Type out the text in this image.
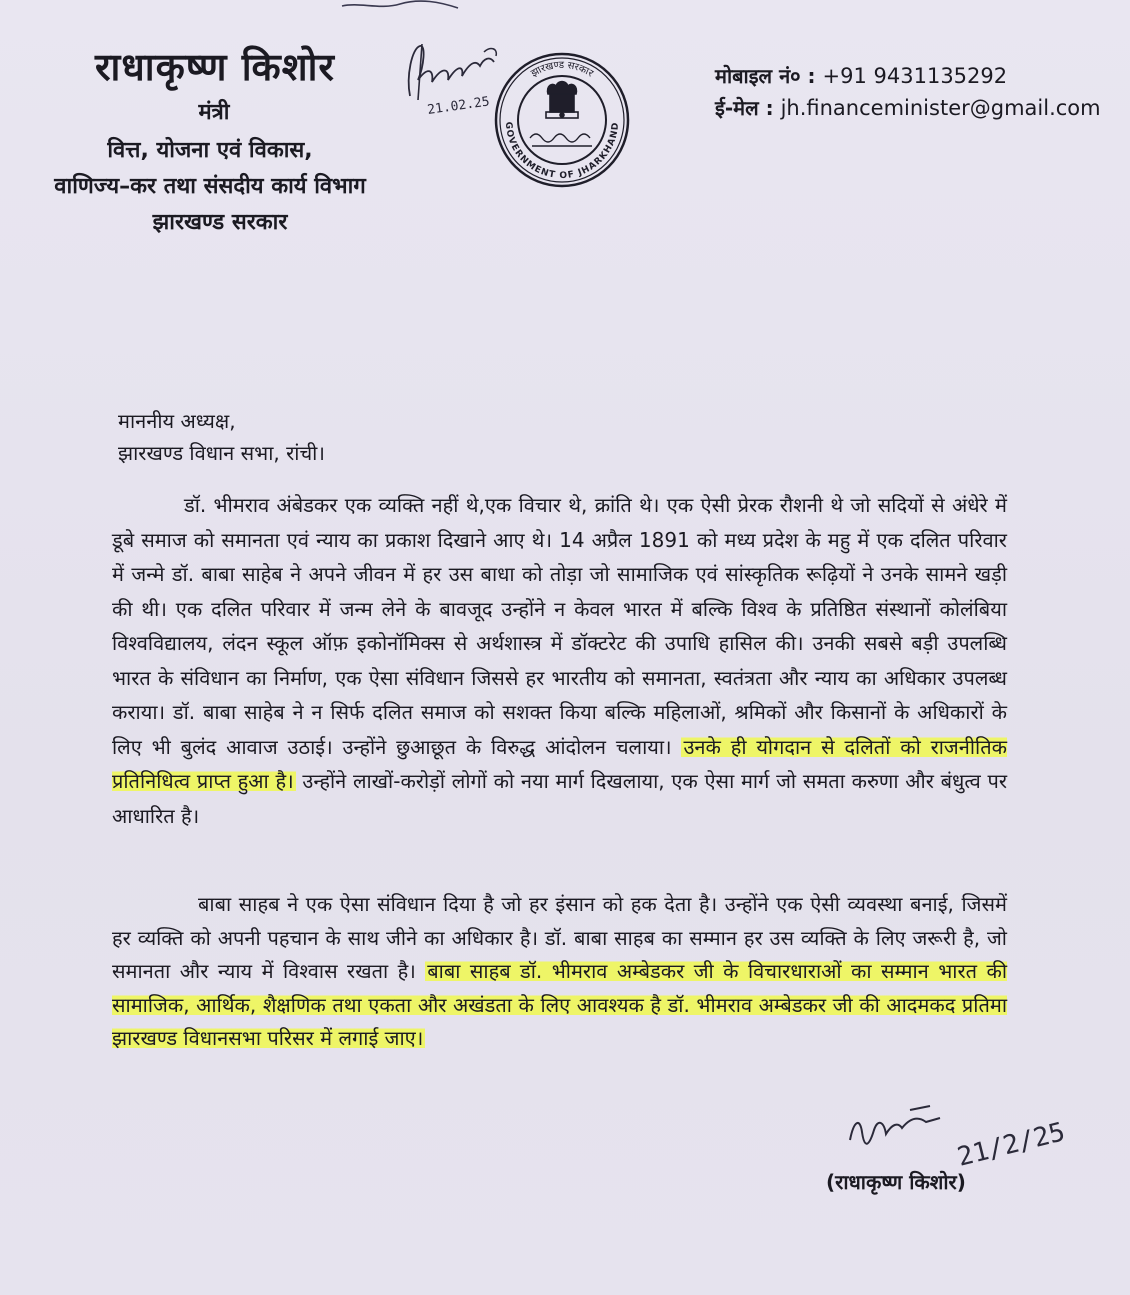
राधाकृष्ण किशोर
मंत्री
वित्त, योजना एवं विकास,
वाणिज्य–कर तथा संसदीय कार्य विभाग
झारखण्ड सरकार
21.02.25
झारखण्ड सरकार
GOVERNMENT OF JHARKHAND
मोबाइल नं० : +91 9431135292
ई-मेल : jh.financeminister@gmail.com
माननीय अध्यक्ष,
झारखण्ड विधान सभा, रांची।
डॉ. भीमराव अंबेडकर एक व्यक्ति नहीं थे,एक विचार थे, क्रांति थे। एक ऐसी प्रेरक रौशनी थे जो सदियों से अंधेरे में डूबे समाज को समानता एवं न्याय का प्रकाश दिखाने आए थे। 14 अप्रैल 1891 को मध्य प्रदेश के महु में एक दलित परिवार में जन्मे डॉ. बाबा साहेब ने अपने जीवन में हर उस बाधा को तोड़ा जो सामाजिक एवं सांस्कृतिक रूढ़ियों ने उनके सामने खड़ी की थी। एक दलित परिवार में जन्म लेने के बावजूद उन्होंने न केवल भारत में बल्कि विश्व के प्रतिष्ठित संस्थानों कोलंबिया विश्वविद्यालय, लंदन स्कूल ऑफ़ इकोनॉमिक्स से अर्थशास्त्र में डॉक्टरेट की उपाधि हासिल की। उनकी सबसे बड़ी उपलब्धि भारत के संविधान का निर्माण, एक ऐसा संविधान जिससे हर भारतीय को समानता, स्वतंत्रता और न्याय का अधिकार उपलब्ध कराया। डॉ. बाबा साहेब ने न सिर्फ दलित समाज को सशक्त किया बल्कि महिलाओं, श्रमिकों और किसानों के अधिकारों के लिए भी बुलंद आवाज उठाई। उन्होंने छुआछूत के विरुद्ध आंदोलन चलाया। उनके ही योगदान से दलितों को राजनीतिक प्रतिनिधित्व प्राप्त हुआ है। उन्होंने लाखों-करोड़ों लोगों को नया मार्ग दिखलाया, एक ऐसा मार्ग जो समता करुणा और बंधुत्व पर आधारित है।
बाबा साहब ने एक ऐसा संविधान दिया है जो हर इंसान को हक देता है। उन्होंने एक ऐसी व्यवस्था बनाई, जिसमें हर व्यक्ति को अपनी पहचान के साथ जीने का अधिकार है। डॉ. बाबा साहब का सम्मान हर उस व्यक्ति के लिए जरूरी है, जो समानता और न्याय में विश्वास रखता है। बाबा साहब डॉ. भीमराव अम्बेडकर जी के विचारधाराओं का सम्मान भारत की सामाजिक, आर्थिक, शैक्षणिक तथा एकता और अखंडता के लिए आवश्यक है डॉ. भीमराव अम्बेडकर जी की आदमकद प्रतिमा झारखण्ड विधानसभा परिसर में लगाई जाए।
21/2/25
(राधाकृष्ण किशोर)
